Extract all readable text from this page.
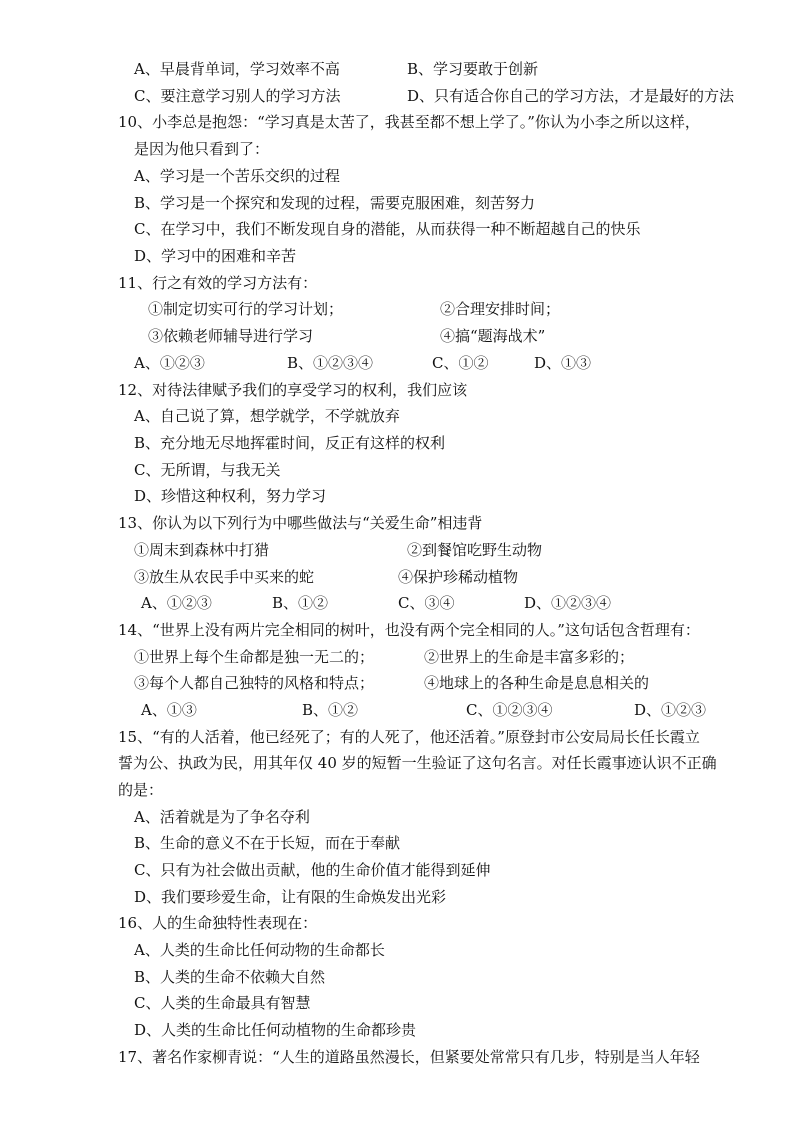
A、早晨背单词，学习效率不高	B、学习要敢于创新
C、要注意学习别人的学习方法	D、只有适合你自己的学习方法，才是最好的方法
10、小李总是抱怨：“学习真是太苦了，我甚至都不想上学了。”你认为小李之所以这样，
是因为他只看到了：
A、学习是一个苦乐交织的过程
B、学习是一个探究和发现的过程，需要克服困难，刻苦努力
C、在学习中，我们不断发现自身的潜能，从而获得一种不断超越自己的快乐
D、学习中的困难和辛苦
11、行之有效的学习方法有：
①制定切实可行的学习计划；	②合理安排时间；
③依赖老师辅导进行学习	④搞“题海战术”
A、①②③	B、①②③④	C、①②	D、①③
12、对待法律赋予我们的享受学习的权利，我们应该
A、自己说了算，想学就学，不学就放弃
B、充分地无尽地挥霍时间，反正有这样的权利
C、无所谓，与我无关
D、珍惜这种权利，努力学习
13、你认为以下列行为中哪些做法与“关爱生命”相违背
①周末到森林中打猎	②到餐馆吃野生动物
③放生从农民手中买来的蛇	④保护珍稀动植物
A、①②③	B、①②	C、③④	D、①②③④
14、“世界上没有两片完全相同的树叶，也没有两个完全相同的人。”这句话包含哲理有：
①世界上每个生命都是独一无二的；	②世界上的生命是丰富多彩的；
③每个人都自己独特的风格和特点；	④地球上的各种生命是息息相关的
A、①③	B、①②	C、①②③④	D、①②③
15、“有的人活着，他已经死了；有的人死了，他还活着。”原登封市公安局局长任长霞立
誓为公、执政为民，用其年仅 40 岁的短暂一生验证了这句名言。对任长霞事迹认识不正确
的是：
A、活着就是为了争名夺利
B、生命的意义不在于长短，而在于奉献
C、只有为社会做出贡献，他的生命价值才能得到延伸
D、我们要珍爱生命，让有限的生命焕发出光彩
16、人的生命独特性表现在：
A、人类的生命比任何动物的生命都长
B、人类的生命不依赖大自然
C、人类的生命最具有智慧
D、人类的生命比任何动植物的生命都珍贵
17、著名作家柳青说：“人生的道路虽然漫长，但紧要处常常只有几步，特别是当人年轻
